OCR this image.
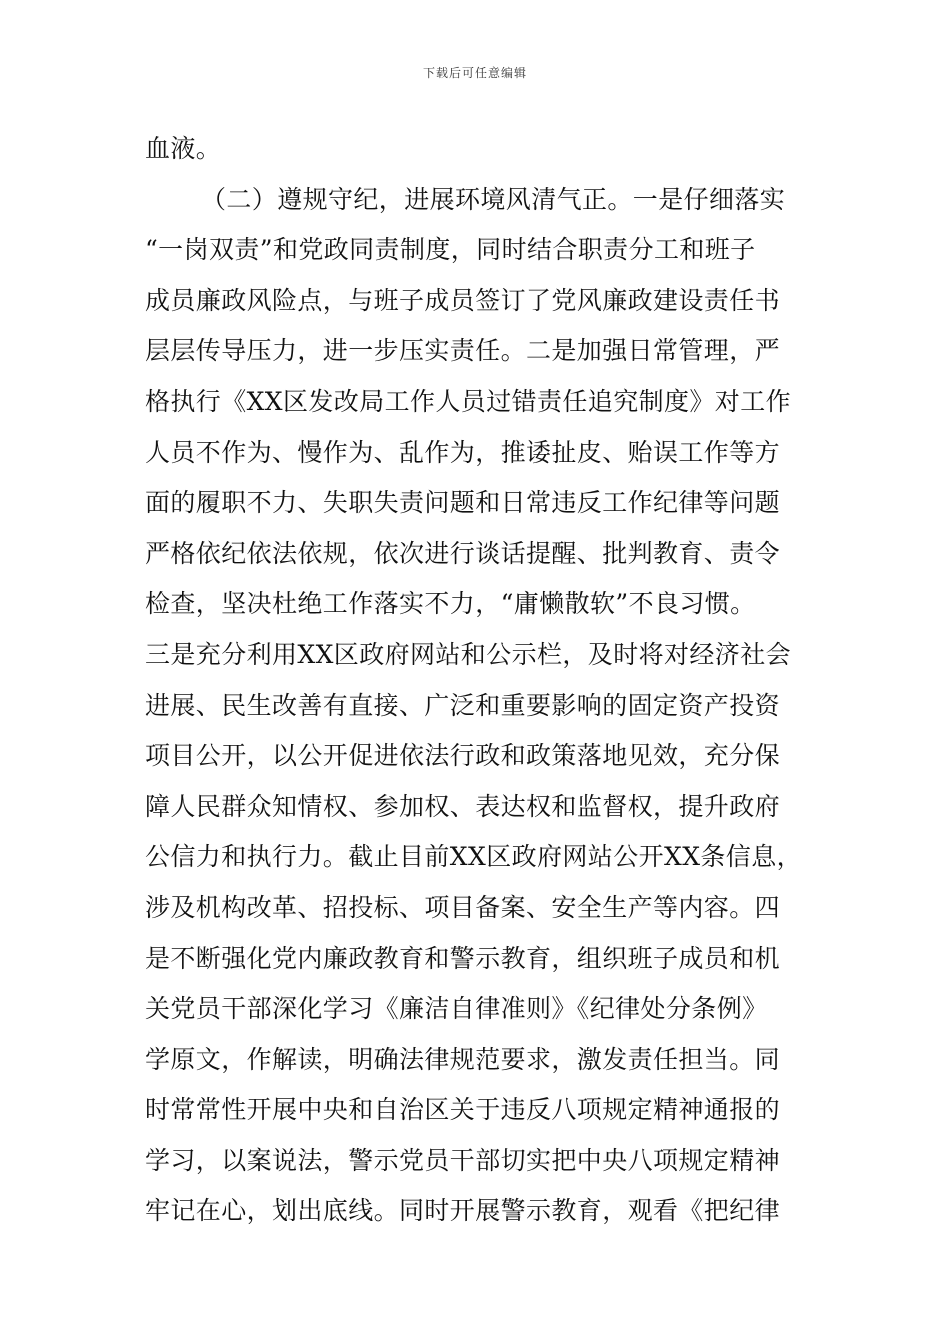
下载后可任意编辑
血液。
（二）遵规守纪，进展环境风清气正。一是仔细落实
“一岗双责”和党政同责制度，同时结合职责分工和班子
成员廉政风险点，与班子成员签订了党风廉政建设责任书
层层传导压力，进一步压实责任。二是加强日常管理，严
格执行《XX区发改局工作人员过错责任追究制度》对工作
人员不作为、慢作为、乱作为，推诿扯皮、贻误工作等方
面的履职不力、失职失责问题和日常违反工作纪律等问题
严格依纪依法依规，依次进行谈话提醒、批判教育、责令
检查，坚决杜绝工作落实不力，“庸懒散软”不良习惯。
三是充分利用XX区政府网站和公示栏，及时将对经济社会
进展、民生改善有直接、广泛和重要影响的固定资产投资
项目公开，以公开促进依法行政和政策落地见效，充分保
障人民群众知情权、参加权、表达权和监督权，提升政府
公信力和执行力。截止目前XX区政府网站公开XX条信息，
涉及机构改革、招投标、项目备案、安全生产等内容。四
是不断强化党内廉政教育和警示教育，组织班子成员和机
关党员干部深化学习《廉洁自律准则》《纪律处分条例》
学原文，作解读，明确法律规范要求，激发责任担当。同
时常常性开展中央和自治区关于违反八项规定精神通报的
学习，以案说法，警示党员干部切实把中央八项规定精神
牢记在心，划出底线。同时开展警示教育，观看《把纪律
